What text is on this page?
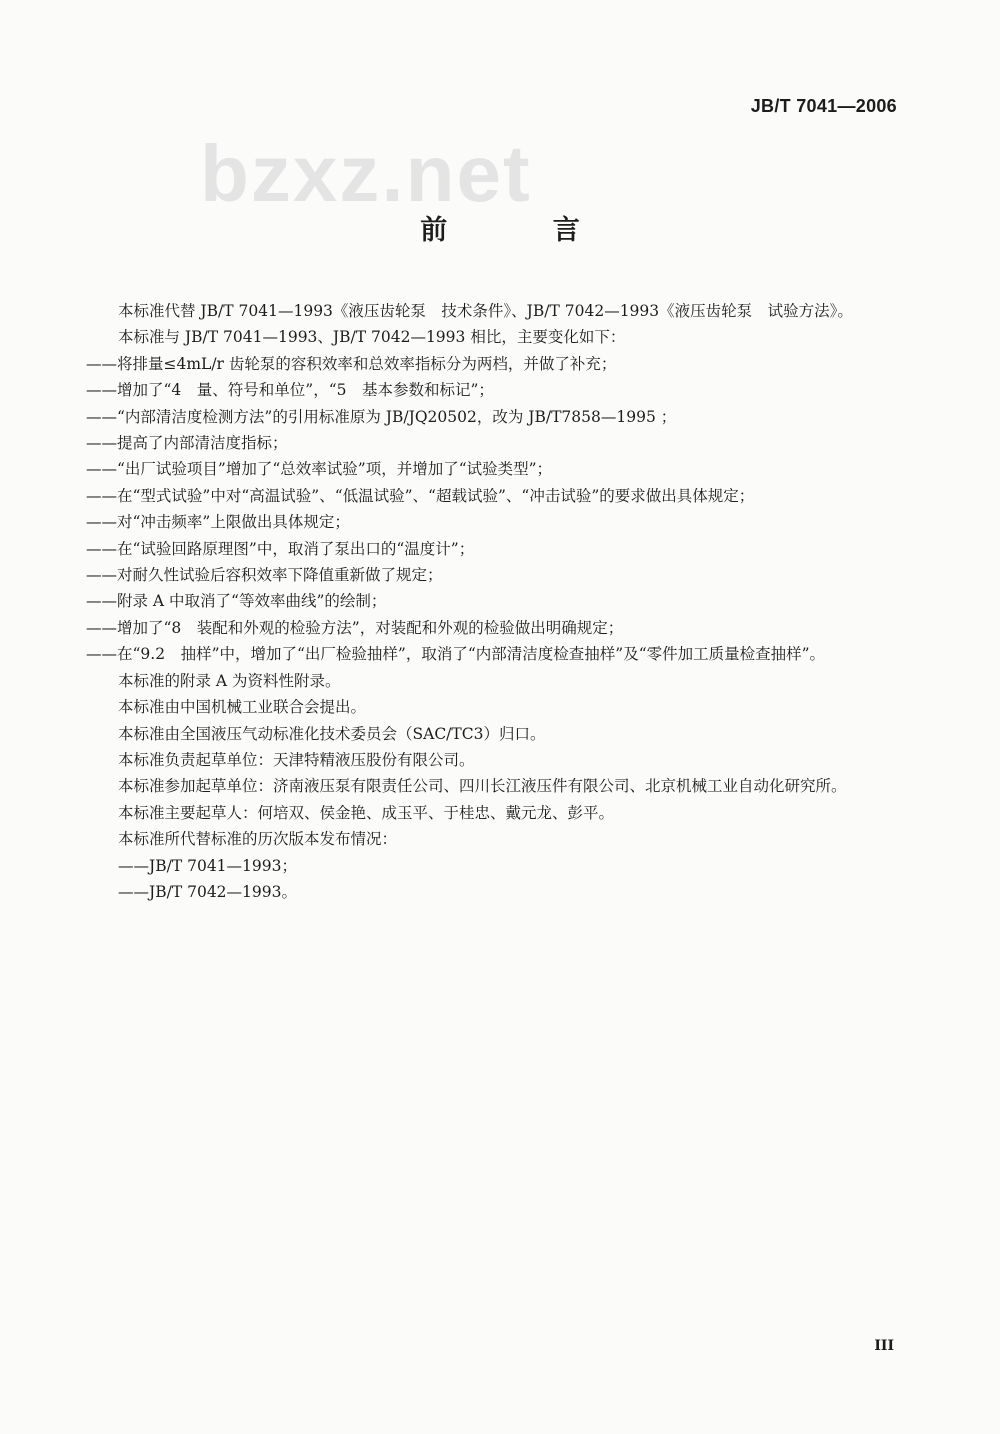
JB/T 7041—2006
bzxz.net
前 言
本标准代替 JB/T 7041—1993《液压齿轮泵　技术条件》、JB/T 7042—1993《液压齿轮泵　试验方法》。
本标准与 JB/T 7041—1993、JB/T 7042—1993 相比，主要变化如下：
——将排量≤4mL/r 齿轮泵的容积效率和总效率指标分为两档，并做了补充；
——增加了“4　量、符号和单位”，“5　基本参数和标记”；
——“内部清洁度检测方法”的引用标准原为 JB/JQ20502，改为 JB/T7858—1995 ；
——提高了内部清洁度指标；
——“出厂试验项目”增加了“总效率试验”项，并增加了“试验类型”；
——在“型式试验”中对“高温试验”、“低温试验”、“超载试验”、“冲击试验”的要求做出具体规定；
——对“冲击频率”上限做出具体规定；
——在“试验回路原理图”中，取消了泵出口的“温度计”；
——对耐久性试验后容积效率下降值重新做了规定；
——附录 A 中取消了“等效率曲线”的绘制；
——增加了“8　装配和外观的检验方法”，对装配和外观的检验做出明确规定；
——在“9.2　抽样”中，增加了“出厂检验抽样”，取消了“内部清洁度检查抽样”及“零件加工质量检查抽样”。
本标准的附录 A 为资料性附录。
本标准由中国机械工业联合会提出。
本标准由全国液压气动标准化技术委员会（SAC/TC3）归口。
本标准负责起草单位：天津特精液压股份有限公司。
本标准参加起草单位：济南液压泵有限责任公司、四川长江液压件有限公司、北京机械工业自动化研究所。
本标准主要起草人：何培双、侯金艳、成玉平、于桂忠、戴元龙、彭平。
本标准所代替标准的历次版本发布情况：
——JB/T 7041—1993；
——JB/T 7042—1993。
III
